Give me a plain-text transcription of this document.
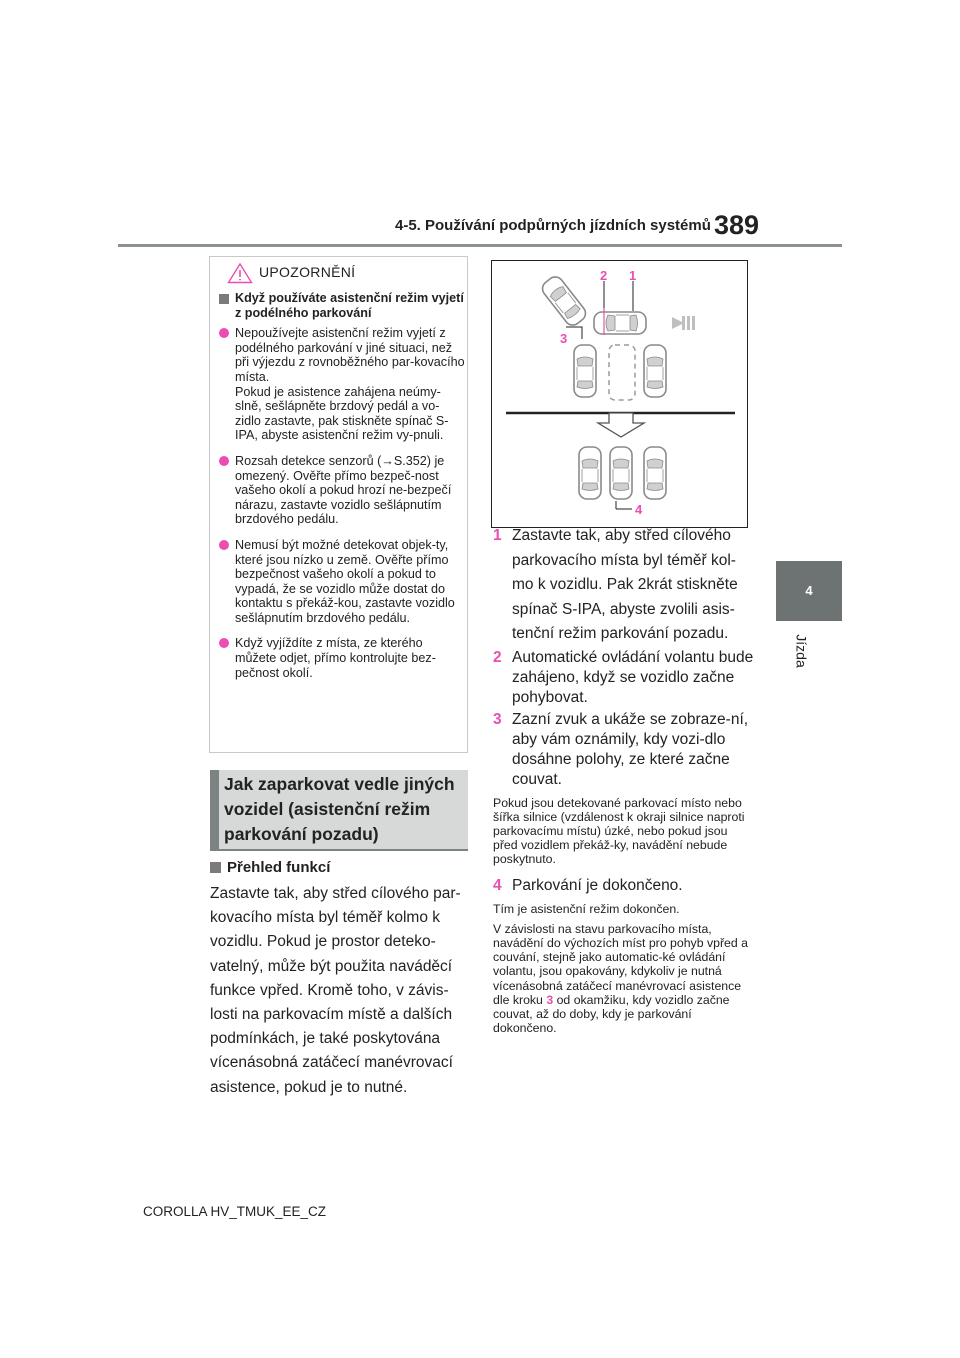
4-5. Používání podpůrných jízdních systémů 389
4
Jízda
UPOZORNĚNÍ
Když používáte asistenční režim vyjetí z podélného parkování
Nepoužívejte asistenční režim vyjetí z podélného parkování v jiné situaci, než při výjezdu z rovnoběžného par-kovacího místa.
Pokud je asistence zahájena neúmy-slně, sešlápněte brzdový pedál a vo-zidlo zastavte, pak stiskněte spínač S-IPA, abyste asistenční režim vy-pnuli.
Rozsah detekce senzorů (→S.352) je omezený. Ověřte přímo bezpeč-nost vašeho okolí a pokud hrozí ne-bezpečí nárazu, zastavte vozidlo sešlápnutím brzdového pedálu.
Nemusí být možné detekovat objek-ty, které jsou nízko u země. Ověřte přímo bezpečnost vašeho okolí a pokud to vypadá, že se vozidlo může dostat do kontaktu s překáž-kou, zastavte vozidlo sešlápnutím brzdového pedálu.
Když vyjíždíte z místa, ze kterého můžete odjet, přímo kontrolujte bez-pečnost okolí.
Jak zaparkovat vedle jiných vozidel (asistenční režim parkování pozadu)
Přehled funkcí
Zastavte tak, aby střed cílového par-kovacího místa byl téměř kolmo k vozidlu. Pokud je prostor deteko-vatelný, může být použita naváděcí funkce vpřed. Kromě toho, v závis-losti na parkovacím místě a dalších podmínkách, je také poskytována vícenásobná zatáčecí manévrovací asistence, pokud je to nutné.
2 1
3
4
1 Zastavte tak, aby střed cílového parkovacího místa byl téměř kol-mo k vozidlu. Pak 2krát stiskněte spínač S-IPA, abyste zvolili asis-tenční režim parkování pozadu.
2 Automatické ovládání volantu bude zahájeno, když se vozidlo začne pohybovat.
3 Zazní zvuk a ukáže se zobraze-ní, aby vám oznámily, kdy vozi-dlo dosáhne polohy, ze které začne couvat.
Pokud jsou detekované parkovací místo nebo šířka silnice (vzdálenost k okraji silnice naproti parkovacímu místu) úzké, nebo pokud jsou před vozidlem překáž-ky, navádění nebude poskytnuto.
4 Parkování je dokončeno.
Tím je asistenční režim dokončen.
V závislosti na stavu parkovacího místa, navádění do výchozích míst pro pohyb vpřed a couvání, stejně jako automatic-ké ovládání volantu, jsou opakovány, kdykoliv je nutná vícenásobná zatáčecí manévrovací asistence dle kroku 3 od okamžiku, kdy vozidlo začne couvat, až do doby, kdy je parkování dokončeno.
COROLLA HV_TMUK_EE_CZ
